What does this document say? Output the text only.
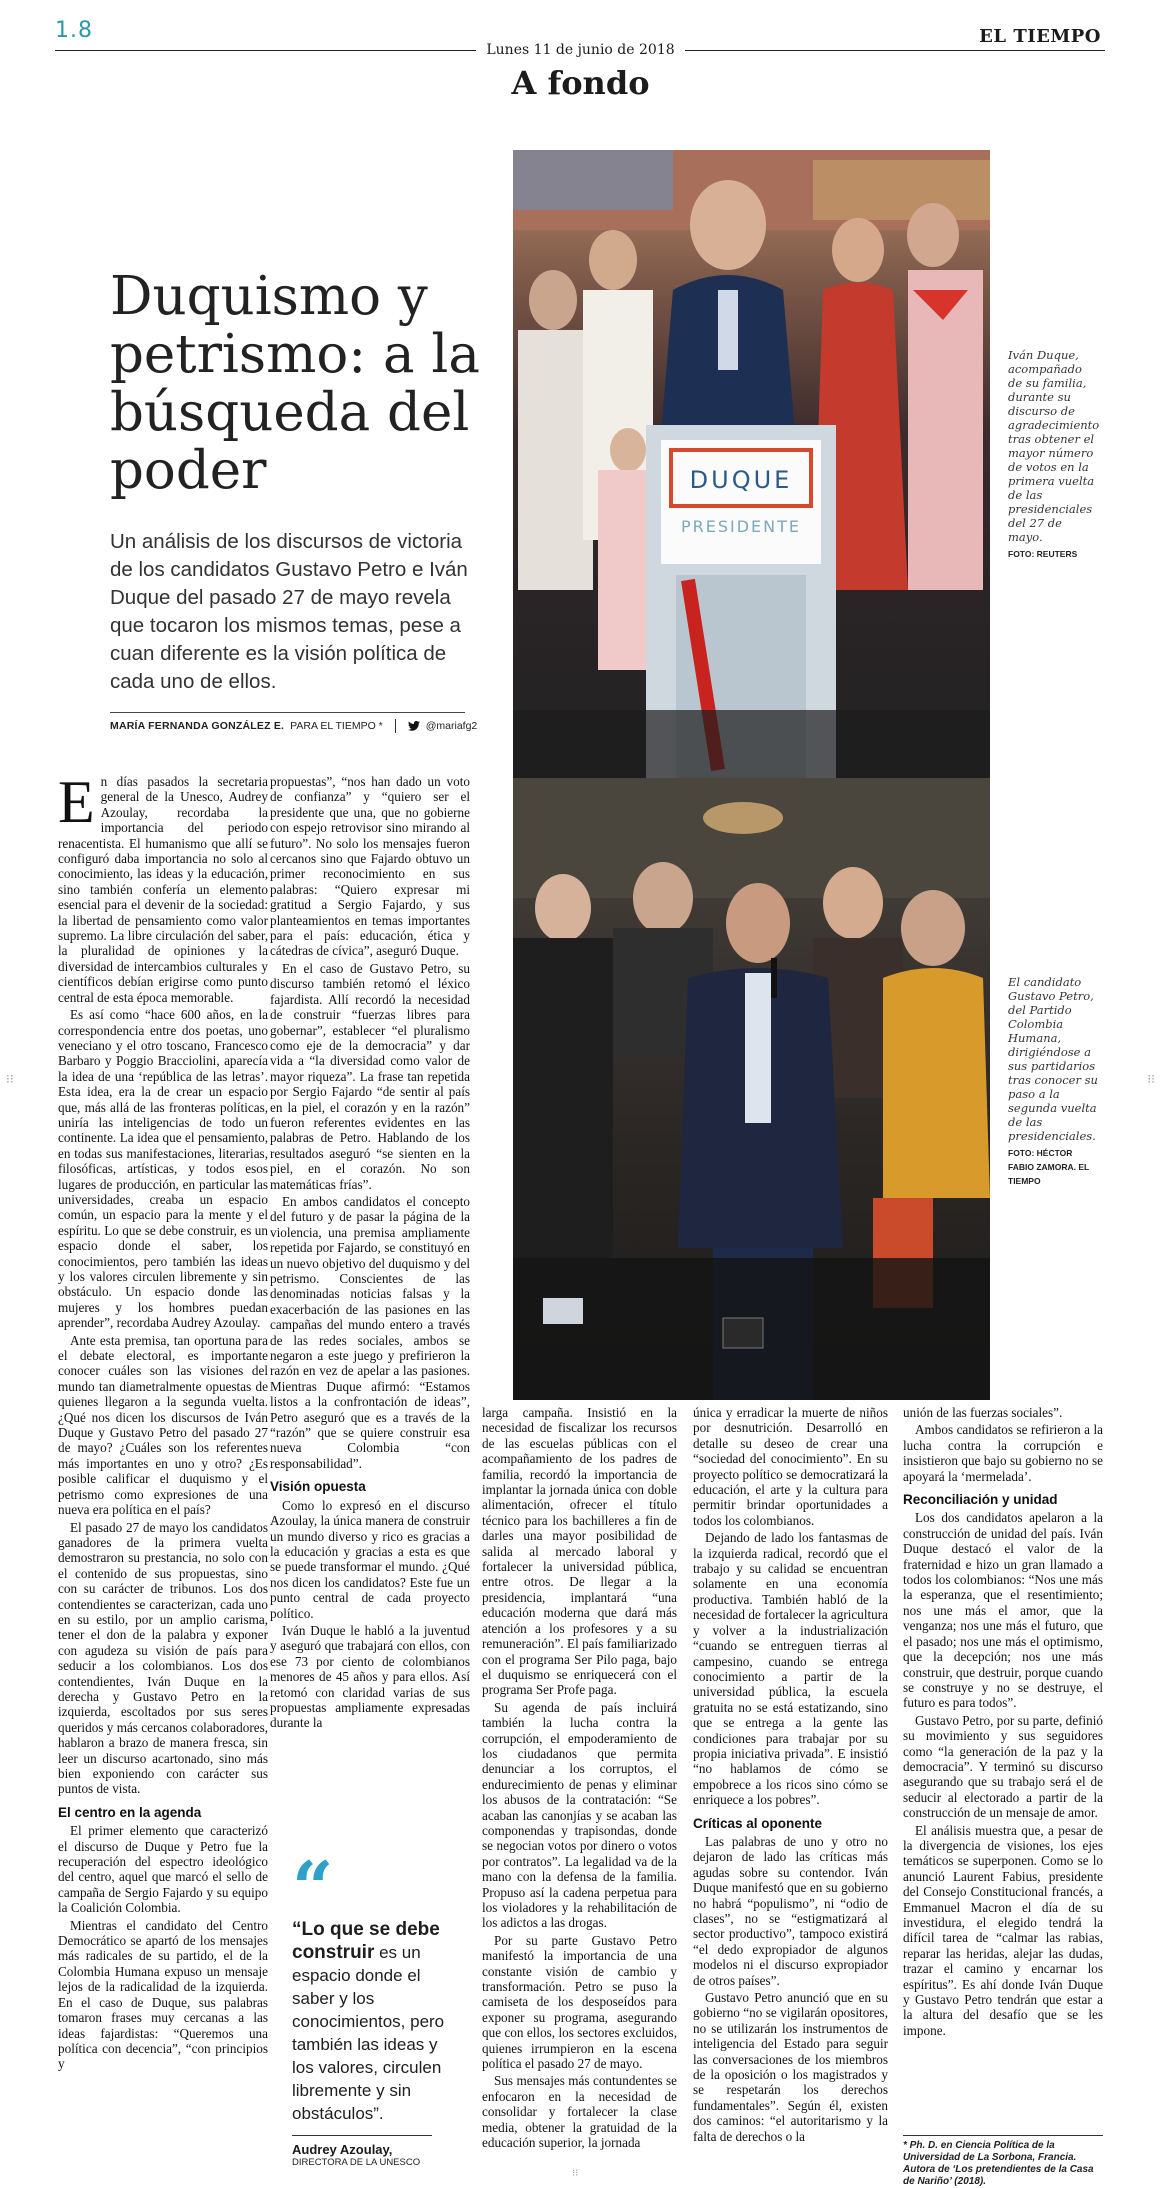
1.8
Lunes 11 de junio de 2018
EL TIEMPO
A fondo
Duquismo y petrismo: a la búsqueda del poder
Un análisis de los discursos de victoria de los candidatos Gustavo Petro e Iván Duque del pasado 27 de mayo revela que tocaron los mismos temas, pese a cuan diferente es la visión política de cada uno de ellos.
MARÍA FERNANDA GONZÁLEZ E. PARA EL TIEMPO *	@mariafg2
DUQUE
PRESIDENTE
Iván Duque, acompañado de su familia, durante su discurso de agradecimiento tras obtener el mayor número de votos en la primera vuelta de las presidenciales del 27 de mayo.
FOTO: REUTERS
El candidato Gustavo Petro, del Partido Colombia Humana, dirigiéndose a sus partidarios tras conocer su paso a la segunda vuelta de las presidenciales.
FOTO: HÉCTOR FABIO ZAMORA. EL TIEMPO

En días pasados la secretaria general de la Unesco, Audrey Azoulay, recordaba la importancia del periodo renacentista. El humanismo que allí se configuró daba importancia no solo al conocimiento, las ideas y la educación, sino también confería un elemento esencial para el devenir de la sociedad: la libertad de pensamiento como valor supremo. La libre circulación del saber, la pluralidad de opiniones y la diversidad de intercambios culturales y científicos debían erigirse como punto central de esta época memorable.

Es así como “hace 600 años, en la correspondencia entre dos poetas, uno veneciano y el otro toscano, Francesco Barbaro y Poggio Bracciolini, aparecía la idea de una ‘república de las letras’. Esta idea, era la de crear un espacio que, más allá de las fronteras políticas, uniría las inteligencias de todo un continente. La idea que el pensamiento, en todas sus manifestaciones, literarias, filosóficas, artísticas, y todos esos lugares de producción, en particular las universidades, creaba un espacio común, un espacio para la mente y el espíritu. Lo que se debe construir, es un espacio donde el saber, los conocimientos, pero también las ideas y los valores circulen libremente y sin obstáculo. Un espacio donde las mujeres y los hombres puedan aprender”, recordaba Audrey Azoulay.

Ante esta premisa, tan oportuna para el debate electoral, es importante conocer cuáles son las visiones del mundo tan diametralmente opuestas de quienes llegaron a la segunda vuelta. ¿Qué nos dicen los discursos de Iván Duque y Gustavo Petro del pasado 27 de mayo? ¿Cuáles son los referentes más importantes en uno y otro? ¿Es posible calificar el duquismo y el petrismo como expresiones de una nueva era política en el país?

El pasado 27 de mayo los candidatos ganadores de la primera vuelta demostraron su prestancia, no solo con el contenido de sus propuestas, sino con su carácter de tribunos. Los dos contendientes se caracterizan, cada uno en su estilo, por un amplio carisma, tener el don de la palabra y exponer con agudeza su visión de país para seducir a los colombianos. Los dos contendientes, Iván Duque en la derecha y Gustavo Petro en la izquierda, escoltados por sus seres queridos y más cercanos colaboradores, hablaron a brazo de manera fresca, sin leer un discurso acartonado, sino más bien exponiendo con carácter sus puntos de vista.

El centro en la agenda

El primer elemento que caracterizó el discurso de Duque y Petro fue la recuperación del espectro ideológico del centro, aquel que marcó el sello de campaña de Sergio Fajardo y su equipo la Coalición Colombia.

Mientras el candidato del Centro Democrático se apartó de los mensajes más radicales de su partido, el de la Colombia Humana expuso un mensaje lejos de la radicalidad de la izquierda. En el caso de Duque, sus palabras tomaron frases muy cercanas a las ideas fajardistas: “Queremos una política con decencia”, “con principios y

propuestas”, “nos han dado un voto de confianza” y “quiero ser el presidente que una, que no gobierne con espejo retrovisor sino mirando al futuro”. No solo los mensajes fueron cercanos sino que Fajardo obtuvo un primer reconocimiento en sus palabras: “Quiero expresar mi gratitud a Sergio Fajardo, y sus planteamientos en temas importantes para el país: educación, ética y cátedras de cívica”, aseguró Duque.

En el caso de Gustavo Petro, su discurso también retomó el léxico fajardista. Allí recordó la necesidad de construir “fuerzas libres para gobernar”, establecer “el pluralismo como eje de la democracia” y dar vida a “la diversidad como valor de mayor riqueza”. La frase tan repetida por Sergio Fajardo “de sentir al país en la piel, el corazón y en la razón” fueron referentes evidentes en las palabras de Petro. Hablando de los resultados aseguró “se sienten en la piel, en el corazón. No son matemáticas frías”.

En ambos candidatos el concepto del futuro y de pasar la página de la violencia, una premisa ampliamente repetida por Fajardo, se constituyó en un nuevo objetivo del duquismo y del petrismo. Conscientes de las denominadas noticias falsas y la exacerbación de las pasiones en las campañas del mundo entero a través de las redes sociales, ambos se negaron a este juego y prefirieron la razón en vez de apelar a las pasiones. Mientras Duque afirmó: “Estamos listos a la confrontación de ideas”, Petro aseguró que es a través de la “razón” que se quiere construir esa nueva Colombia “con responsabilidad”.

Visión opuesta

Como lo expresó en el discurso Azoulay, la única manera de construir un mundo diverso y rico es gracias a la educación y gracias a esta es que se puede transformar el mundo. ¿Qué nos dicen los candidatos? Este fue un punto central de cada proyecto político.

Iván Duque le habló a la juventud y aseguró que trabajará con ellos, con ese 73 por ciento de colombianos menores de 45 años y para ellos. Así retomó con claridad varias de sus propuestas ampliamente expresadas durante la

“
“Lo que se debe construir es un espacio donde el saber y los conocimientos, pero también las ideas y los valores, circulen libremente y sin obstáculos”.
Audrey Azoulay,
DIRECTORA DE LA UNESCO

larga campaña. Insistió en la necesidad de fiscalizar los recursos de las escuelas públicas con el acompañamiento de los padres de familia, recordó la importancia de implantar la jornada única con doble alimentación, ofrecer el título técnico para los bachilleres a fin de darles una mayor posibilidad de salida al mercado laboral y fortalecer la universidad pública, entre otros. De llegar a la presidencia, implantará “una educación moderna que dará más atención a los profesores y a su remuneración”. El país familiarizado con el programa Ser Pilo paga, bajo el duquismo se enriquecerá con el programa Ser Profe paga.

Su agenda de país incluirá también la lucha contra la corrupción, el empoderamiento de los ciudadanos que permita denunciar a los corruptos, el endurecimiento de penas y eliminar los abusos de la contratación: “Se acaban las canonjías y se acaban las componendas y trapisondas, donde se negocian votos por dinero o votos por contratos”. La legalidad va de la mano con la defensa de la familia. Propuso así la cadena perpetua para los violadores y la rehabilitación de los adictos a las drogas.

Por su parte Gustavo Petro manifestó la importancia de una constante visión de cambio y transformación. Petro se puso la camiseta de los desposeídos para exponer su programa, asegurando que con ellos, los sectores excluidos, quienes irrumpieron en la escena política el pasado 27 de mayo.

Sus mensajes más contundentes se enfocaron en la necesidad de consolidar y fortalecer la clase media, obtener la gratuidad de la educación superior, la jornada

única y erradicar la muerte de niños por desnutrición. Desarrolló en detalle su deseo de crear una “sociedad del conocimiento”. En su proyecto político se democratizará la educación, el arte y la cultura para permitir brindar oportunidades a todos los colombianos.

Dejando de lado los fantasmas de la izquierda radical, recordó que el trabajo y su calidad se encuentran solamente en una economía productiva. También habló de la necesidad de fortalecer la agricultura y volver a la industrialización “cuando se entreguen tierras al campesino, cuando se entrega conocimiento a partir de la universidad pública, la escuela gratuita no se está estatizando, sino que se entrega a la gente las condiciones para trabajar por su propia iniciativa privada”. E insistió “no hablamos de cómo se empobrece a los ricos sino cómo se enriquece a los pobres”.

Críticas al oponente

Las palabras de uno y otro no dejaron de lado las críticas más agudas sobre su contendor. Iván Duque manifestó que en su gobierno no habrá “populismo”, ni “odio de clases”, no se “estigmatizará al sector productivo”, tampoco existirá “el dedo expropiador de algunos modelos ni el discurso expropiador de otros países”.

Gustavo Petro anunció que en su gobierno “no se vigilarán opositores, no se utilizarán los instrumentos de inteligencia del Estado para seguir las conversaciones de los miembros de la oposición o los magistrados y se respetarán los derechos fundamentales”. Según él, existen dos caminos: “el autoritarismo y la falta de derechos o la

unión de las fuerzas sociales”.

Ambos candidatos se refirieron a la lucha contra la corrupción e insistieron que bajo su gobierno no se apoyará la ‘mermelada’.

Reconciliación y unidad

Los dos candidatos apelaron a la construcción de unidad del país. Iván Duque destacó el valor de la fraternidad e hizo un gran llamado a todos los colombianos: “Nos une más la esperanza, que el resentimiento; nos une más el amor, que la venganza; nos une más el futuro, que el pasado; nos une más el optimismo, que la decepción; nos une más construir, que destruir, porque cuando se construye y no se destruye, el futuro es para todos”.

Gustavo Petro, por su parte, definió su movimiento y sus seguidores como “la generación de la paz y la democracia”. Y terminó su discurso asegurando que su trabajo será el de seducir al electorado a partir de la construcción de un mensaje de amor.

El análisis muestra que, a pesar de la divergencia de visiones, los ejes temáticos se superponen. Como se lo anunció Laurent Fabius, presidente del Consejo Constitucional francés, a Emmanuel Macron el día de su investidura, el elegido tendrá la difícil tarea de “calmar las rabias, reparar las heridas, alejar las dudas, trazar el camino y encarnar los espíritus”. Es ahí donde Iván Duque y Gustavo Petro tendrán que estar a la altura del desafío que se les impone.

* Ph. D. en Ciencia Política de la Universidad de La Sorbona, Francia. Autora de ‘Los pretendientes de la Casa de Nariño’ (2018).
⁝⁝	⁝⁝
⁝⁝
